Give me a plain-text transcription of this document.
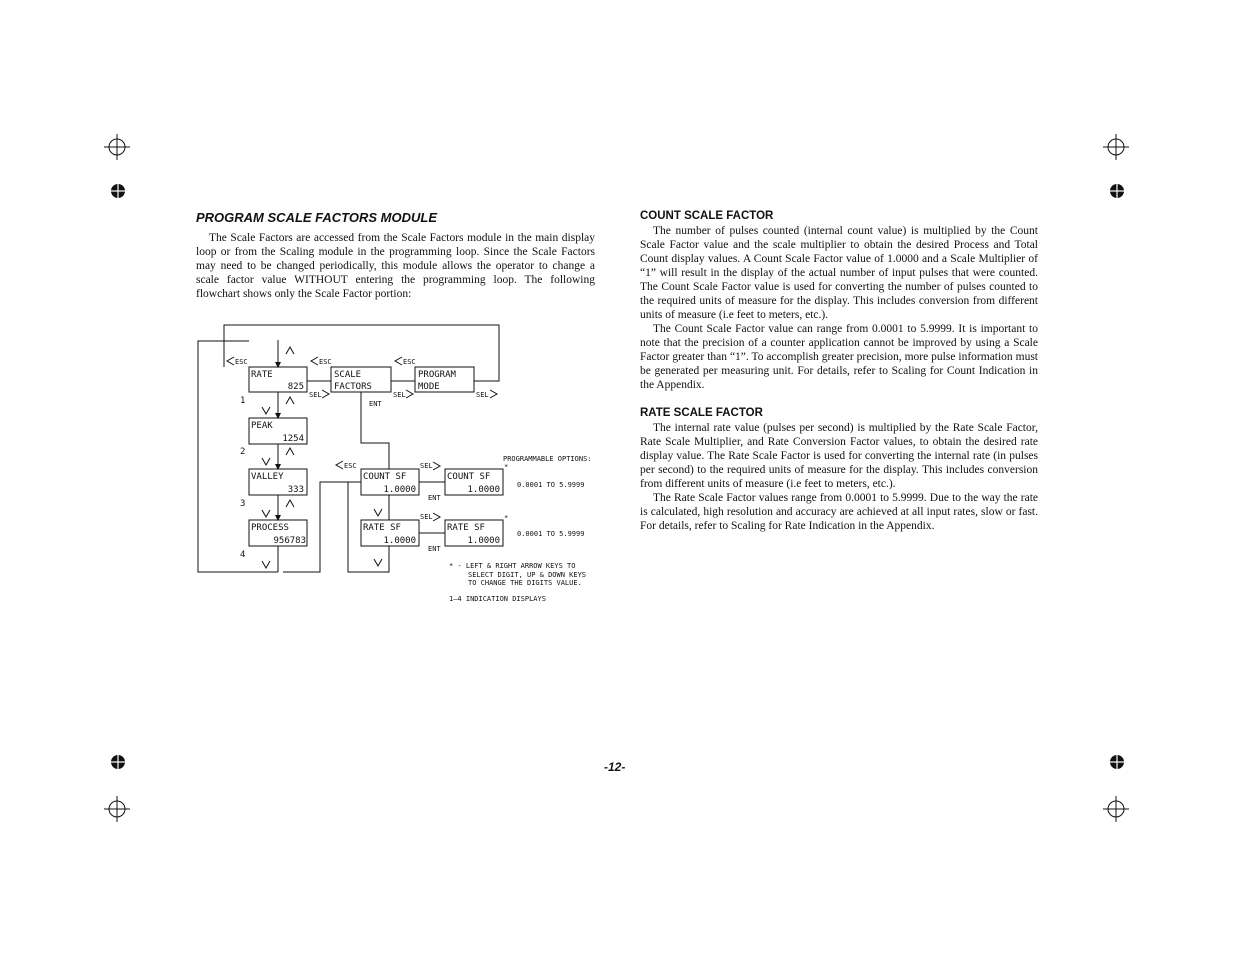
PROGRAM SCALE FACTORS MODULE

The Scale Factors are accessed from the Scale Factors module in the main display loop or from the Scaling module in the programming loop. Since the Scale Factors may need to be changed periodically, this module allows the operator to change a scale factor value WITHOUT entering the programming loop. The following flowchart shows only the Scale Factor portion:

RATE
825
SCALE
FACTORS
PROGRAM
MODE
PEAK
1254
VALLEY
333
PROCESS
956783
COUNT SF
1.0000
COUNT SF
1.0000
RATE SF
1.0000
RATE SF
1.0000
ESC	ESC	ESC
ESC
SEL	SEL	SEL
SEL
SEL
ENT
ENT
ENT
PROGRAMMABLE OPTIONS:
*
*
0.0001 TO 5.9999
0.0001 TO 5.9999
* - LEFT & RIGHT ARROW KEYS TO
SELECT DIGIT, UP & DOWN KEYS
TO CHANGE THE DIGITS VALUE.
1—4 INDICATION DISPLAYS
1
2
3
4
COUNT SCALE FACTOR

The number of pulses counted (internal count value) is multiplied by the Count Scale Factor value and the scale multiplier to obtain the desired Process and Total Count display values. A Count Scale Factor value of 1.0000 and a Scale Multiplier of “1” will result in the display of the actual number of input pulses that were counted. The Count Scale Factor value is used for converting the number of pulses counted to the required units of measure for the display. This includes conversion from different units of measure (i.e feet to meters, etc.).

The Count Scale Factor value can range from 0.0001 to 5.9999. It is important to note that the precision of a counter application cannot be improved by using a Scale Factor greater than “1”. To accomplish greater precision, more pulse information must be generated per measuring unit. For details, refer to Scaling for Count Indication in the Appendix.

RATE SCALE FACTOR

The internal rate value (pulses per second) is multiplied by the Rate Scale Factor, Rate Scale Multiplier, and Rate Conversion Factor values, to obtain the desired rate display value. The Rate Scale Factor is used for converting the internal rate (in pulses per second) to the required units of measure for the display. This includes conversion from different units of measure (i.e feet to meters, etc.).

The Rate Scale Factor values range from 0.0001 to 5.9999. Due to the way the rate is calculated, high resolution and accuracy are achieved at all input rates, slow or fast. For details, refer to Scaling for Rate Indication in the Appendix.

-12-
